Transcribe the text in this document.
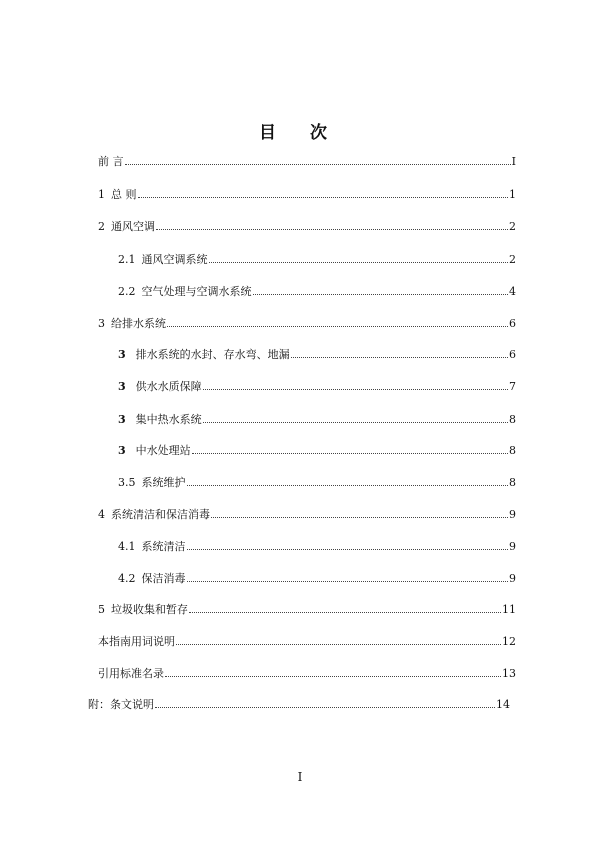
目 次
前 言	I
1 总 则	1
2 通风空调	2
2.1 通风空调系统	2
2.2 空气处理与空调水系统	4
3 给排水系统	6
3 排水系统的水封、存水弯、地漏	6
3 供水水质保障	7
3 集中热水系统	8
3 中水处理站	8
3.5 系统维护	8
4 系统清洁和保洁消毒	9
4.1 系统清洁	9
4.2 保洁消毒	9
5 垃圾收集和暂存	11
本指南用词说明	12
引用标准名录	13
附：条文说明	14
I
